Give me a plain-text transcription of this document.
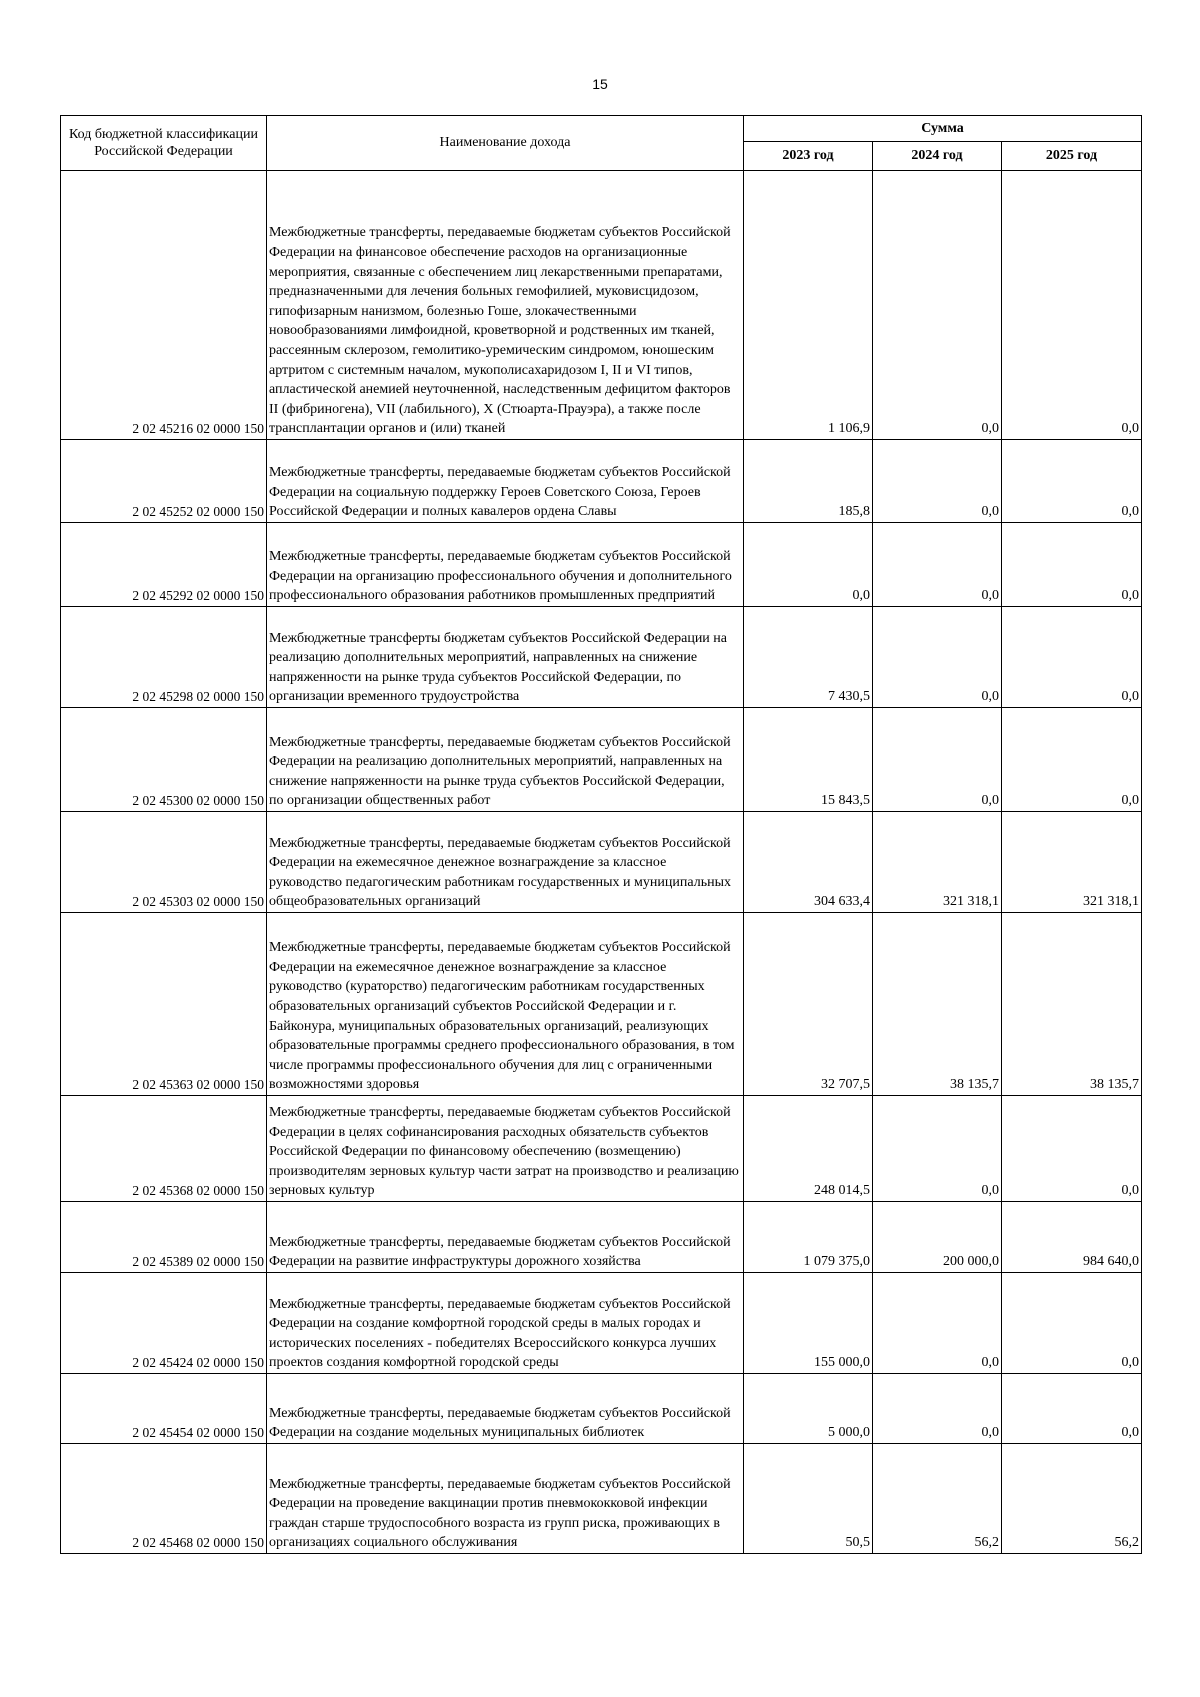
15
Код бюджетной классификации Российской Федерации	Наименование дохода	Сумма		
		2023 год	2024 год	2025 год
2 02 45216 02 0000 150	Межбюджетные трансферты, передаваемые бюджетам субъектов Российской Федерации на финансовое обеспечение расходов на организационные мероприятия, связанные с обеспечением лиц лекарственными препаратами, предназначенными для лечения больных гемофилией, муковисцидозом, гипофизарным нанизмом, болезнью Гоше, злокачественными новообразованиями лимфоидной, кроветворной и родственных им тканей, рассеянным склерозом, гемолитико-уремическим синдромом, юношеским артритом с системным началом, мукополисахаридозом I, II и VI типов, апластической анемией неуточненной, наследственным дефицитом факторов II (фибриногена), VII (лабильного), X (Стюарта-Прауэра), а также после трансплантации органов и (или) тканей	1 106,9	0,0	0,0
2 02 45252 02 0000 150	Межбюджетные трансферты, передаваемые бюджетам субъектов Российской Федерации на социальную поддержку Героев Советского Союза, Героев Российской Федерации и полных кавалеров ордена Славы	185,8	0,0	0,0
2 02 45292 02 0000 150	Межбюджетные трансферты, передаваемые бюджетам субъектов Российской Федерации на организацию профессионального обучения и дополнительного профессионального образования работников промышленных предприятий	0,0	0,0	0,0
2 02 45298 02 0000 150	Межбюджетные трансферты бюджетам субъектов Российской Федерации на реализацию дополнительных мероприятий, направленных на снижение напряженности на рынке труда субъектов Российской Федерации, по организации временного трудоустройства	7 430,5	0,0	0,0
2 02 45300 02 0000 150	Межбюджетные трансферты, передаваемые бюджетам субъектов Российской Федерации на реализацию дополнительных мероприятий, направленных на снижение напряженности на рынке труда субъектов Российской Федерации, по организации общественных работ	15 843,5	0,0	0,0
2 02 45303 02 0000 150	Межбюджетные трансферты, передаваемые бюджетам субъектов Российской Федерации на ежемесячное денежное вознаграждение за классное руководство педагогическим работникам государственных и муниципальных общеобразовательных организаций	304 633,4	321 318,1	321 318,1
2 02 45363 02 0000 150	Межбюджетные трансферты, передаваемые бюджетам субъектов Российской Федерации на ежемесячное денежное вознаграждение за классное руководство (кураторство) педагогическим работникам государственных образовательных организаций субъектов Российской Федерации и г. Байконура, муниципальных образовательных организаций, реализующих образовательные программы среднего профессионального образования, в том числе программы профессионального обучения для лиц с ограниченными возможностями здоровья	32 707,5	38 135,7	38 135,7
2 02 45368 02 0000 150	Межбюджетные трансферты, передаваемые бюджетам субъектов Российской Федерации в целях софинансирования расходных обязательств субъектов Российской Федерации по финансовому обеспечению (возмещению) производителям зерновых культур части затрат на производство и реализацию зерновых культур	248 014,5	0,0	0,0
2 02 45389 02 0000 150	Межбюджетные трансферты, передаваемые бюджетам субъектов Российской Федерации на развитие инфраструктуры дорожного хозяйства	1 079 375,0	200 000,0	984 640,0
2 02 45424 02 0000 150	Межбюджетные трансферты, передаваемые бюджетам субъектов Российской Федерации на создание комфортной городской среды в малых городах и исторических поселениях - победителях Всероссийского конкурса лучших проектов создания комфортной городской среды	155 000,0	0,0	0,0
2 02 45454 02 0000 150	Межбюджетные трансферты, передаваемые бюджетам субъектов Российской Федерации на создание модельных муниципальных библиотек	5 000,0	0,0	0,0
2 02 45468 02 0000 150	Межбюджетные трансферты, передаваемые бюджетам субъектов Российской Федерации на проведение вакцинации против пневмококковой инфекции граждан старше трудоспособного возраста из групп риска, проживающих в организациях социального обслуживания	50,5	56,2	56,2
